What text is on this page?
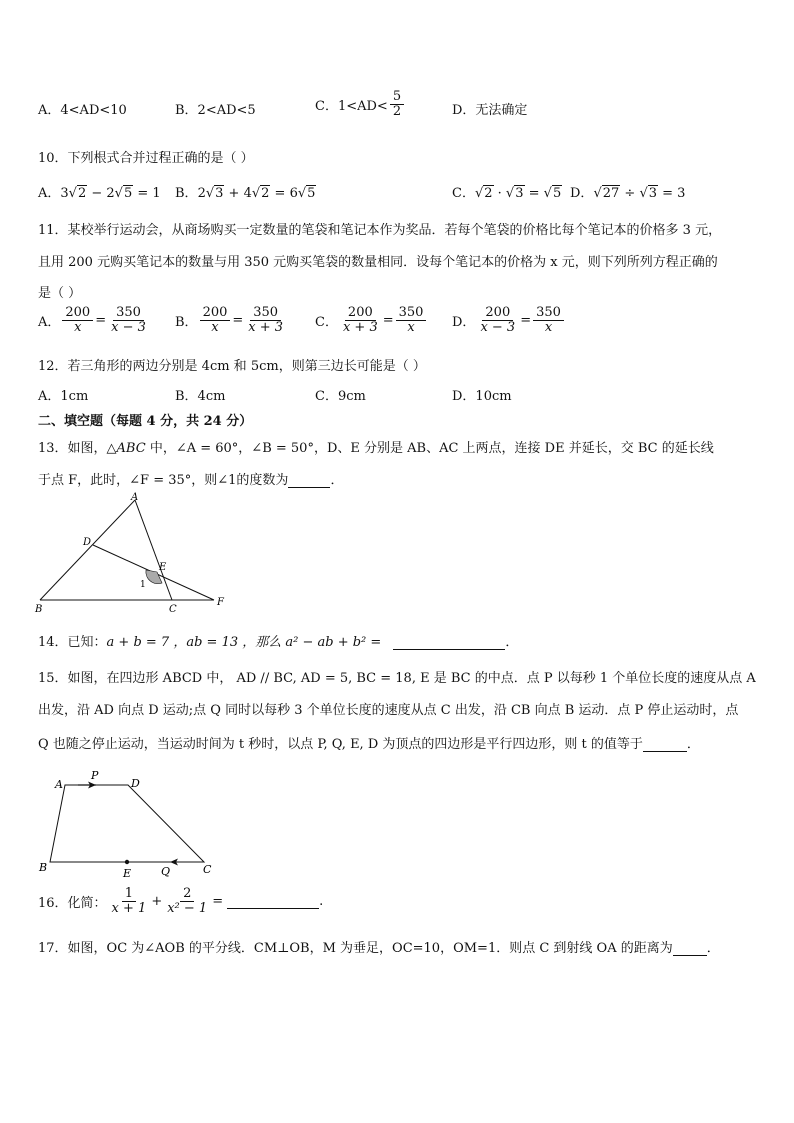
A．4<AD<10	B．2<AD<5	C．$1<AD< \frac{5}{2}$	D．无法确定
10．下列根式合并过程正确的是（ ）
A．3√2 − 2√5 = 1 B．2√3 + 4√2 = 6√5	C．√2 · √3 = √5 D．√27 ÷ √3 = 3
11．某校举行运动会，从商场购买一定数量的笔袋和笔记本作为奖品．若每个笔袋的价格比每个笔记本的价格多 3 元，
且用 200 元购买笔记本的数量与用 350 元购买笔袋的数量相同．设每个笔记本的价格为 x 元，则下列所列方程正确的
是（ ）
A． $\frac{200}{x} = \frac{350}{x - 3}$ B． $\frac{200}{x} = \frac{350}{x + 3}$ C． $\frac{200}{x + 3} = \frac{350}{x}$ D． $\frac{200}{x - 3} = \frac{350}{x}$
12．若三角形的两边分别是 4cm 和 5cm，则第三边长可能是（ ）
A．1cm	B．4cm	C．9cm	D．10cm
二、填空题（每题 4 分，共 24 分）
13．如图，△ABC 中，∠A = 60°，∠B = 50°，D、E 分别是 AB、AC 上两点，连接 DE 并延长，交 BC 的延长线
于点 F，此时，∠F = 35°，则∠1的度数为	．
A
D
E
1
B	C
F
14．已知：a + b = 7 ，ab = 13 ，那么 a² − ab + b² =	．
15．如图，在四边形 ABCD 中， AD // BC, AD = 5, BC = 18, E 是 BC 的中点．点 P 以每秒 1 个单位长度的速度从点 A
出发，沿 AD 向点 D 运动;点 Q 同时以每秒 3 个单位长度的速度从点 C 出发，沿 CB 向点 B 运动．点 P 停止运动时，点
Q 也随之停止运动，当运动时间为 t 秒时，以点 P, Q, E, D 为顶点的四边形是平行四边形，则 t 的值等于	．
A
P
D
B	E	Q	C
16．化简： $\frac{1}{x + 1} + \frac{2}{\text{x² − 1}}$ =	.
17．如图，OC 为∠AOB 的平分线．CM⊥OB，M 为垂足，OC=10，OM=1．则点 C 到射线 OA 的距离为	．
